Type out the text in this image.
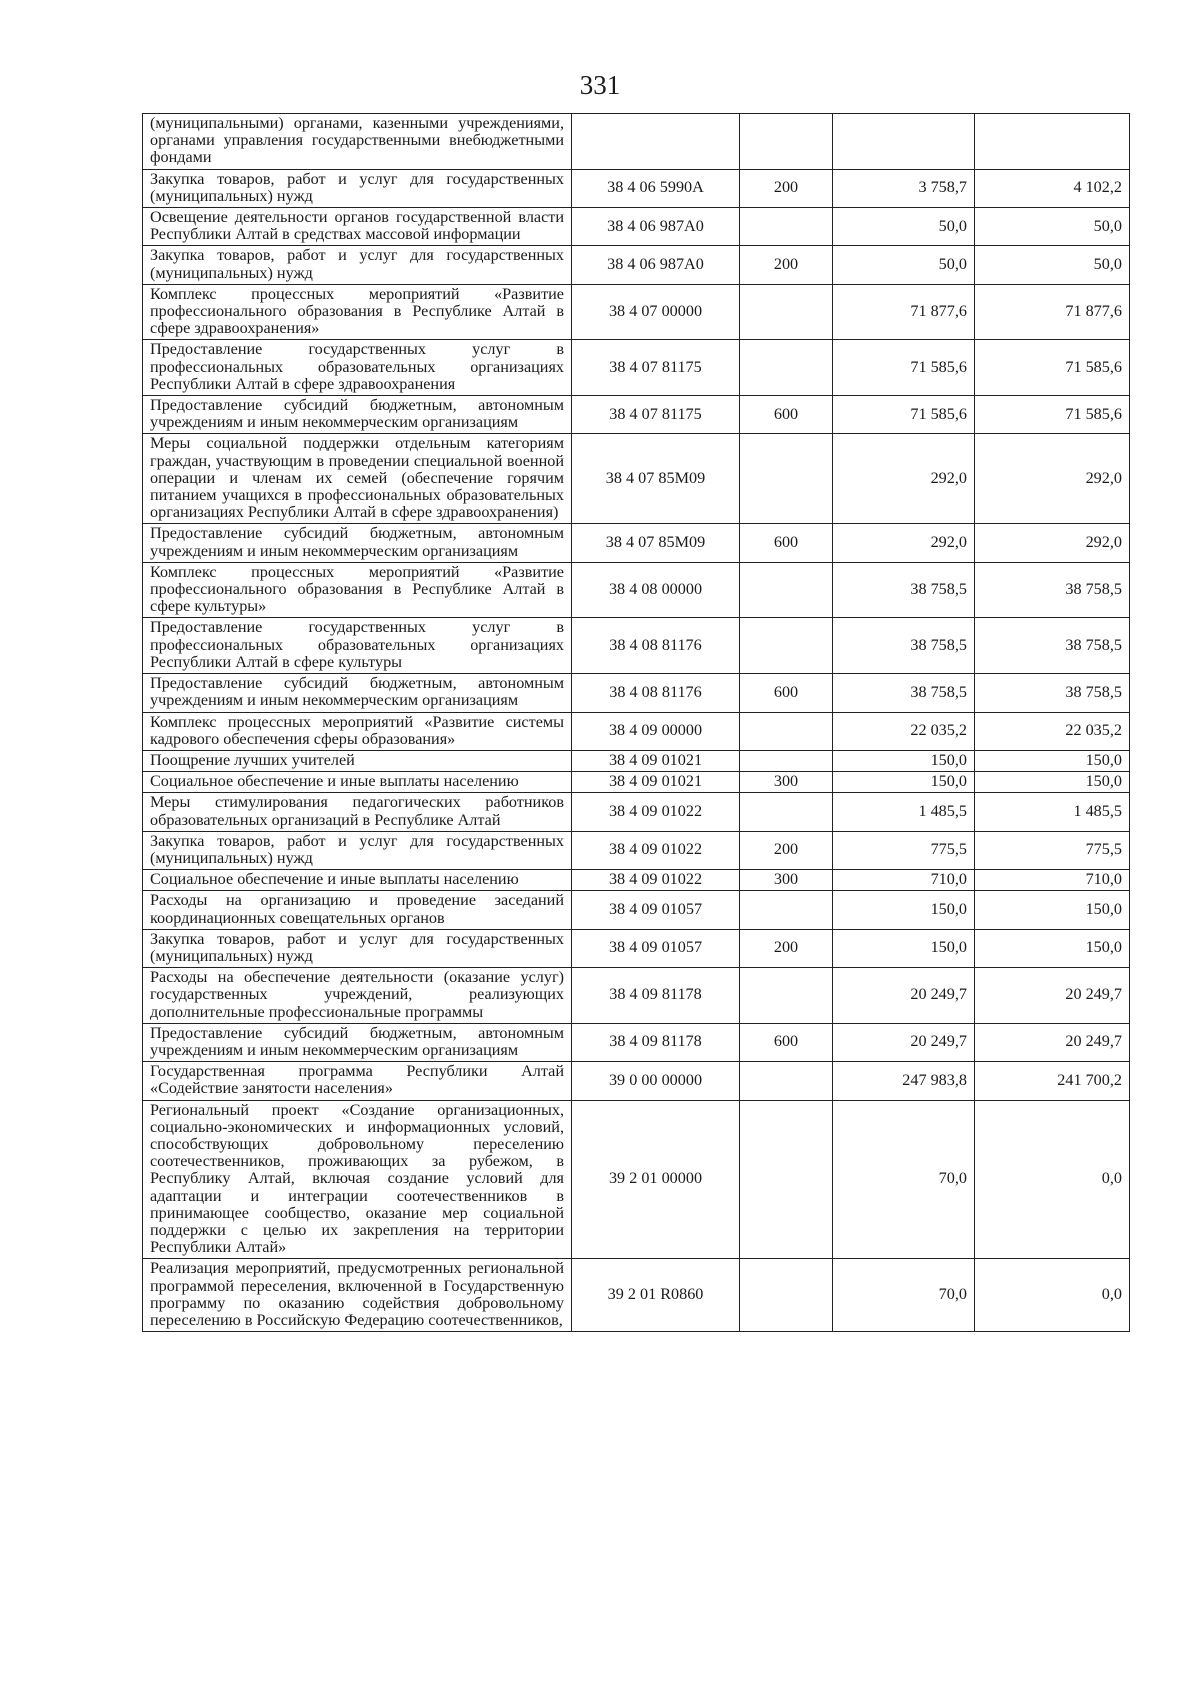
331
(муниципальными) органами, казенными учреждениями, органами управления государственными внебюджетными фондами				
Закупка товаров, работ и услуг для государственных (муниципальных) нужд	38 4 06 5990А	200	3 758,7	4 102,2
Освещение деятельности органов государственной власти Республики Алтай в средствах массовой информации	38 4 06 987А0		50,0	50,0
Закупка товаров, работ и услуг для государственных (муниципальных) нужд	38 4 06 987А0	200	50,0	50,0
Комплекс процессных мероприятий «Развитие профессионального образования в Республике Алтай в сфере здравоохранения»	38 4 07 00000		71 877,6	71 877,6
Предоставление государственных услуг в профессиональных образовательных организациях Республики Алтай в сфере здравоохранения	38 4 07 81175		71 585,6	71 585,6
Предоставление субсидий бюджетным, автономным учреждениям и иным некоммерческим организациям	38 4 07 81175	600	71 585,6	71 585,6
Меры социальной поддержки отдельным категориям граждан, участвующим в проведении специальной военной операции и членам их семей (обеспечение горячим питанием учащихся в профессиональных образовательных организациях Республики Алтай в сфере здравоохранения)	38 4 07 85М09		292,0	292,0
Предоставление субсидий бюджетным, автономным учреждениям и иным некоммерческим организациям	38 4 07 85М09	600	292,0	292,0
Комплекс процессных мероприятий «Развитие профессионального образования в Республике Алтай в сфере культуры»	38 4 08 00000		38 758,5	38 758,5
Предоставление государственных услуг в профессиональных образовательных организациях Республики Алтай в сфере культуры	38 4 08 81176		38 758,5	38 758,5
Предоставление субсидий бюджетным, автономным учреждениям и иным некоммерческим организациям	38 4 08 81176	600	38 758,5	38 758,5
Комплекс процессных мероприятий «Развитие системы кадрового обеспечения сферы образования»	38 4 09 00000		22 035,2	22 035,2
Поощрение лучших учителей	38 4 09 01021		150,0	150,0
Социальное обеспечение и иные выплаты населению	38 4 09 01021	300	150,0	150,0
Меры стимулирования педагогических работников образовательных организаций в Республике Алтай	38 4 09 01022		1 485,5	1 485,5
Закупка товаров, работ и услуг для государственных (муниципальных) нужд	38 4 09 01022	200	775,5	775,5
Социальное обеспечение и иные выплаты населению	38 4 09 01022	300	710,0	710,0
Расходы на организацию и проведение заседаний координационных совещательных органов	38 4 09 01057		150,0	150,0
Закупка товаров, работ и услуг для государственных (муниципальных) нужд	38 4 09 01057	200	150,0	150,0
Расходы на обеспечение деятельности (оказание услуг) государственных учреждений, реализующих дополнительные профессиональные программы	38 4 09 81178		20 249,7	20 249,7
Предоставление субсидий бюджетным, автономным учреждениям и иным некоммерческим организациям	38 4 09 81178	600	20 249,7	20 249,7
Государственная программа Республики Алтай «Содействие занятости населения»	39 0 00 00000		247 983,8	241 700,2
Региональный проект «Создание организационных, социально-экономических и информационных условий, способствующих добровольному переселению соотечественников, проживающих за рубежом, в Республику Алтай, включая создание условий для адаптации и интеграции соотечественников в принимающее сообщество, оказание мер социальной поддержки с целью их закрепления на территории Республики Алтай»	39 2 01 00000		70,0	0,0
Реализация мероприятий, предусмотренных региональной программой переселения, включенной в Государственную программу по оказанию содействия добровольному переселению в Российскую Федерацию соотечественников,	39 2 01 R0860		70,0	0,0
